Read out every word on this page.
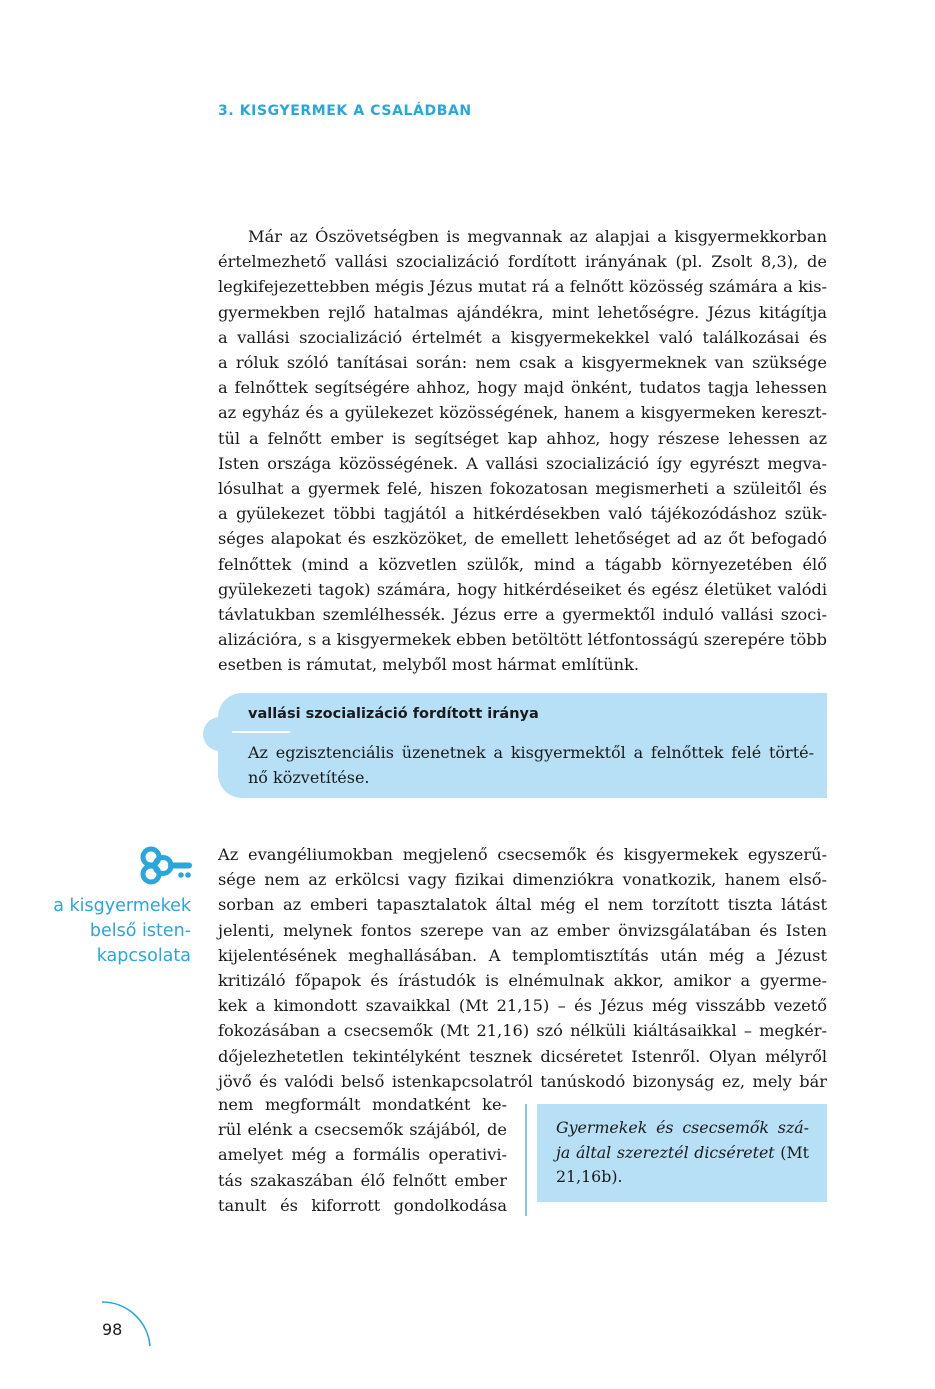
3. KISGYERMEK A CSALÁDBAN
Már az Ószövetségben is megvannak az alapjai a kisgyermekkorban
értelmezhető vallási szocializáció fordított irányának (pl. Zsolt 8,3), de
legkifejezettebben mégis Jézus mutat rá a felnőtt közösség számára a kis-
gyermekben rejlő hatalmas ajándékra, mint lehetőségre. Jézus kitágítja
a vallási szocializáció értelmét a kisgyermekekkel való találkozásai és
a róluk szóló tanításai során: nem csak a kisgyermeknek van szüksége
a felnőttek segítségére ahhoz, hogy majd önként, tudatos tagja lehessen
az egyház és a gyülekezet közösségének, hanem a kisgyermeken kereszt-
tül a felnőtt ember is segítséget kap ahhoz, hogy részese lehessen az
Isten országa közösségének. A vallási szocializáció így egyrészt megva-
lósulhat a gyermek felé, hiszen fokozatosan megismerheti a szüleitől és
a gyülekezet többi tagjától a hitkérdésekben való tájékozódáshoz szük-
séges alapokat és eszközöket, de emellett lehetőséget ad az őt befogadó
felnőttek (mind a közvetlen szülők, mind a tágabb környezetében élő
gyülekezeti tagok) számára, hogy hitkérdéseiket és egész életüket valódi
távlatukban szemlélhessék. Jézus erre a gyermektől induló vallási szoci-
alizációra, s a kisgyermekek ebben betöltött létfontosságú szerepére több
esetben is rámutat, melyből most hármat említünk.
vallási szocializáció fordított iránya
Az egzisztenciális üzenetnek a kisgyermektől a felnőttek felé törté-
nő közvetítése.
a kisgyermekek
belső isten-
kapcsolata
Az evangéliumokban megjelenő csecsemők és kisgyermekek egyszerű-
sége nem az erkölcsi vagy fizikai dimenziókra vonatkozik, hanem első-
sorban az emberi tapasztalatok által még el nem torzított tiszta látást
jelenti, melynek fontos szerepe van az ember önvizsgálatában és Isten
kijelentésének meghallásában. A templomtisztítás után még a Jézust
kritizáló főpapok és írástudók is elnémulnak akkor, amikor a gyerme-
kek a kimondott szavaikkal (Mt 21,15) – és Jézus még visszább vezető
fokozásában a csecsemők (Mt 21,16) szó nélküli kiáltásaikkal – megkér-
dőjelezhetetlen tekintélyként tesznek dicséretet Istenről. Olyan mélyről
jövő és valódi belső istenkapcsolatról tanúskodó bizonyság ez, mely bár
nem megformált mondatként ke-
rül elénk a csecsemők szájából, de
amelyet még a formális operativi-
tás szakaszában élő felnőtt ember
tanult és kiforrott gondolkodása
Gyermekek és csecsemők szá-
ja által szereztél dicséretet (Mt
21,16b).
98
